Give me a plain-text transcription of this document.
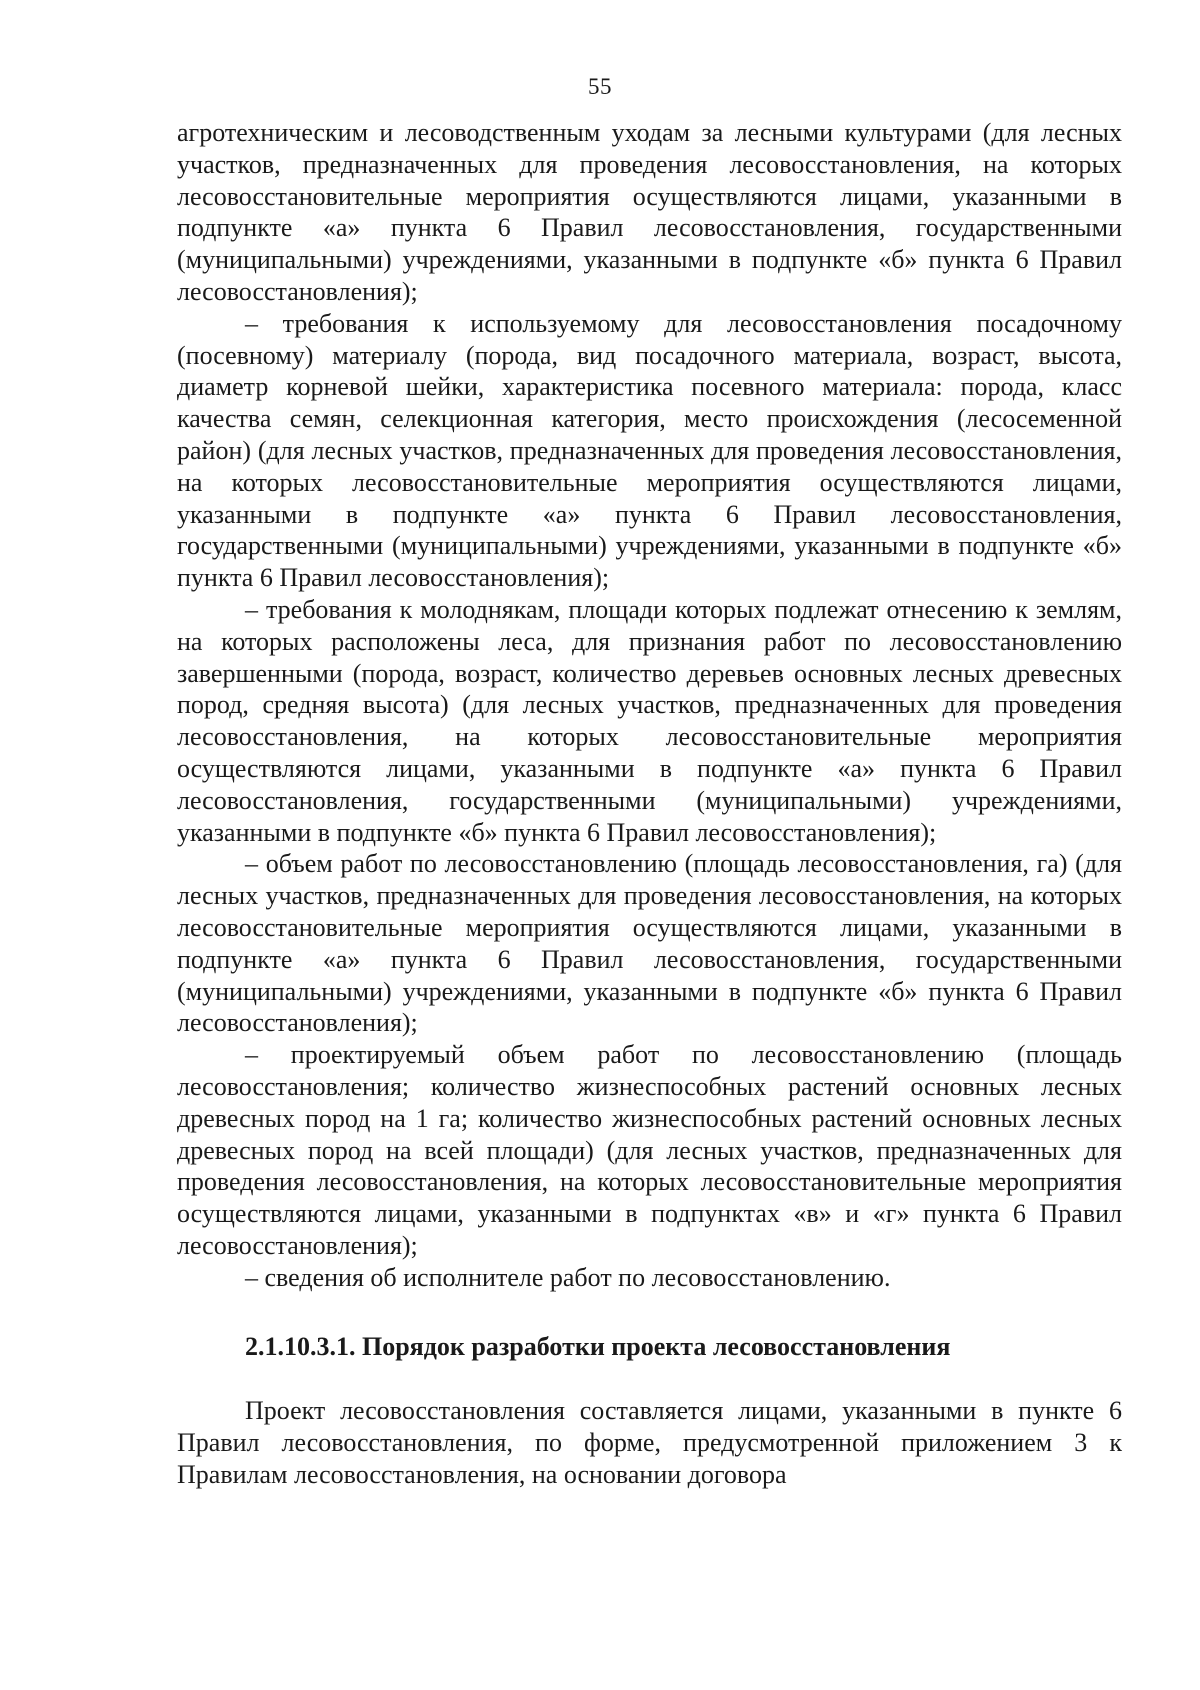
55

агротехническим и лесоводственным уходам за лесными культурами (для лесных участков, предназначенных для проведения лесовосстановления, на которых лесовосстановительные мероприятия осуществляются лицами, указанными в подпункте «а» пункта 6 Правил лесовосстановления, государственными (муниципальными) учреждениями, указанными в подпункте «б» пункта 6 Правил лесовосстановления);

– требования к используемому для лесовосстановления посадочному (посевному) материалу (порода, вид посадочного материала, возраст, высота, диаметр корневой шейки, характеристика посевного материала: порода, класс качества семян, селекционная категория, место происхождения (лесосеменной район) (для лесных участков, предназначенных для проведения лесовосстановления, на которых лесовосстановительные мероприятия осуществляются лицами, указанными в подпункте «а» пункта 6 Правил лесовосстановления, государственными (муниципальными) учреждениями, указанными в подпункте «б» пункта 6 Правил лесовосстановления);

– требования к молоднякам, площади которых подлежат отнесению к землям, на которых расположены леса, для признания работ по лесовосстановлению завершенными (порода, возраст, количество деревьев основных лесных древесных пород, средняя высота) (для лесных участков, предназначенных для проведения лесовосстановления, на которых лесовосстановительные мероприятия осуществляются лицами, указанными в подпункте «а» пункта 6 Правил лесовосстановления, государственными (муниципальными) учреждениями, указанными в подпункте «б» пункта 6 Правил лесовосстановления);

– объем работ по лесовосстановлению (площадь лесовосстановления, га) (для лесных участков, предназначенных для проведения лесовосстановления, на которых лесовосстановительные мероприятия осуществляются лицами, указанными в подпункте «а» пункта 6 Правил лесовосстановления, государственными (муниципальными) учреждениями, указанными в подпункте «б» пункта 6 Правил лесовосстановления);

– проектируемый объем работ по лесовосстановлению (площадь лесовосстановления; количество жизнеспособных растений основных лесных древесных пород на 1 га; количество жизнеспособных растений основных лесных древесных пород на всей площади) (для лесных участков, предназначенных для проведения лесовосстановления, на которых лесовосстановительные мероприятия осуществляются лицами, указанными в подпунктах «в» и «г» пункта 6 Правил лесовосстановления);

– сведения об исполнителе работ по лесовосстановлению.

2.1.10.3.1. Порядок разработки проекта лесовосстановления

Проект лесовосстановления составляется лицами, указанными в пункте 6 Правил лесовосстановления, по форме, предусмотренной приложением 3 к Правилам лесовосстановления, на основании договора
